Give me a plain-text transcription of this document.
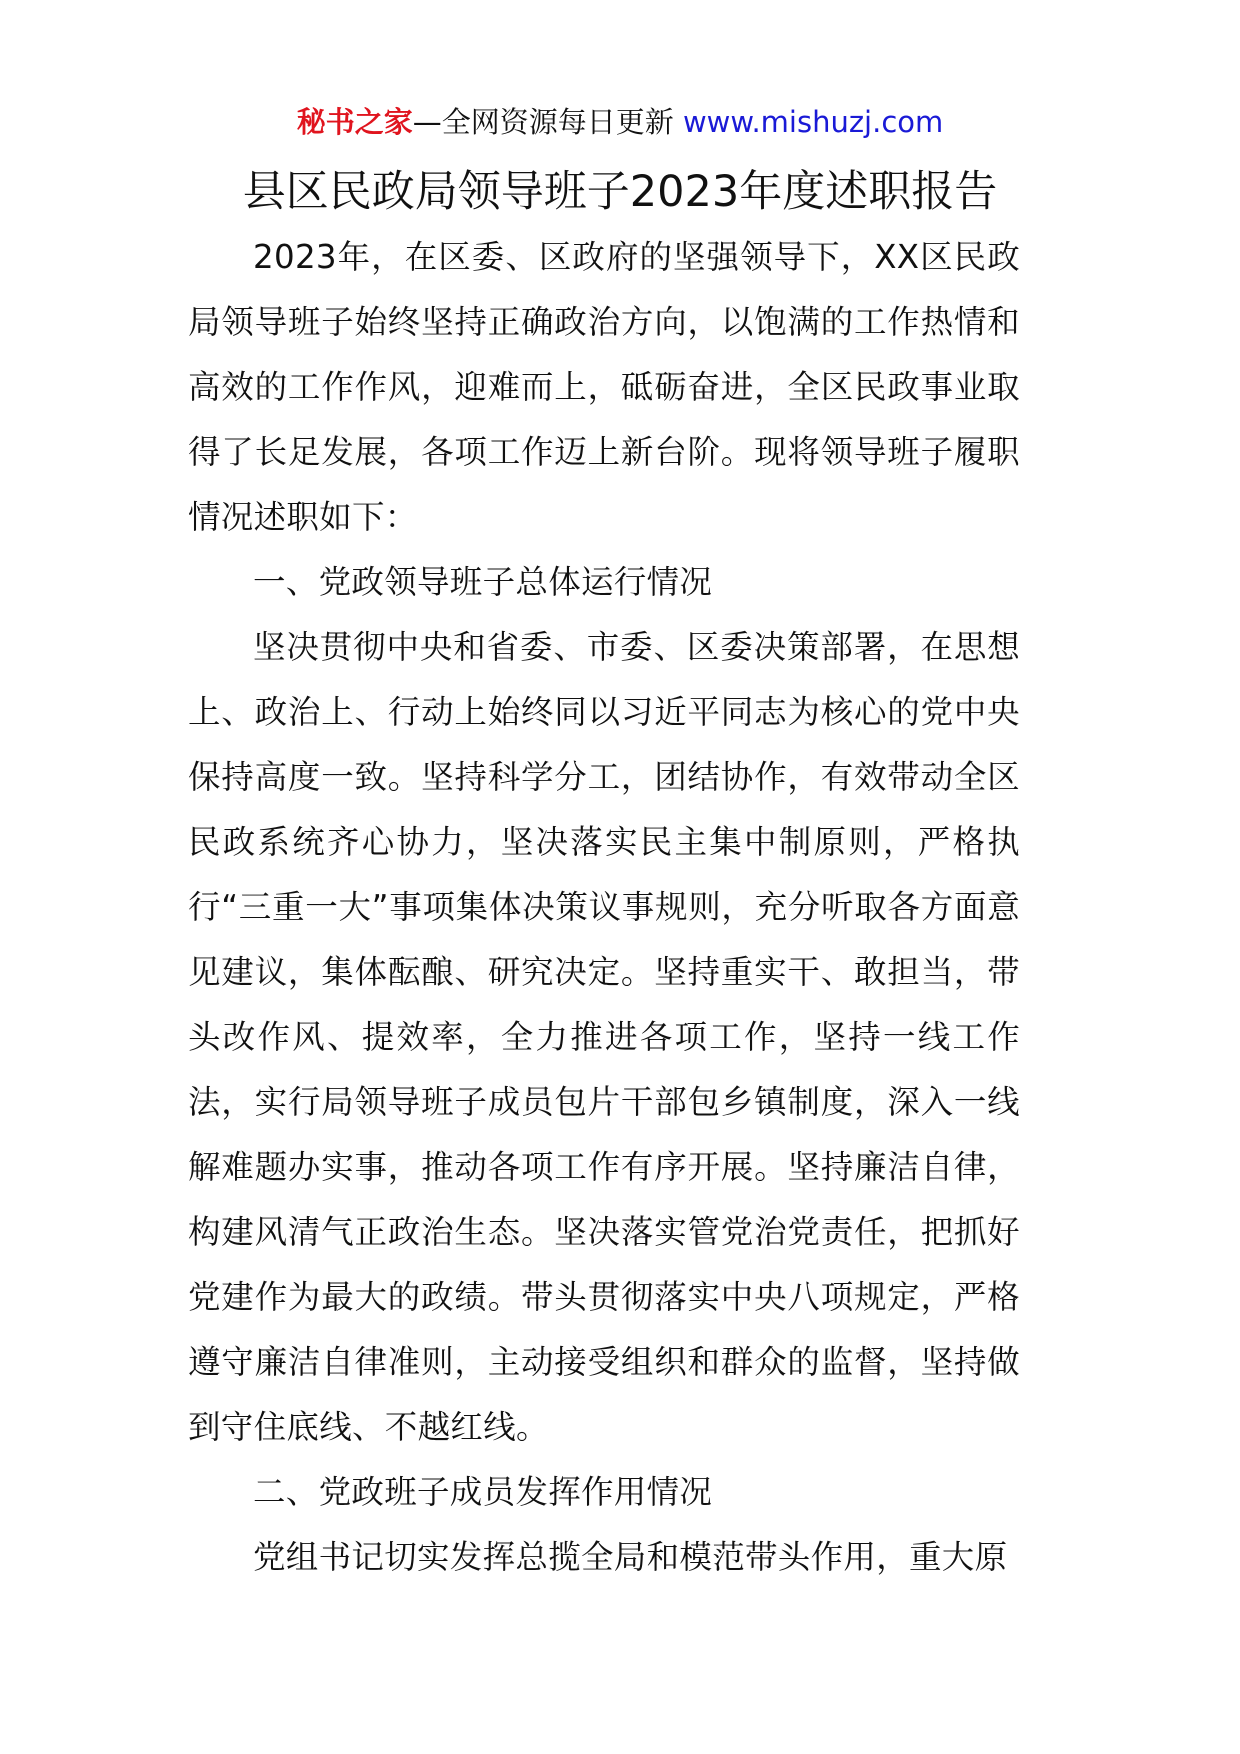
秘书之家—全网资源每日更新 www.mishuzj.com
县区民政局领导班子2023年度述职报告

2023年，在区委、区政府的坚强领导下，XX区民政局领导班子始终坚持正确政治方向，以饱满的工作热情和高效的工作作风，迎难而上，砥砺奋进，全区民政事业取得了长足发展，各项工作迈上新台阶。现将领导班子履职情况述职如下：

一、党政领导班子总体运行情况

坚决贯彻中央和省委、市委、区委决策部署，在思想上、政治上、行动上始终同以习近平同志为核心的党中央保持高度一致。坚持科学分工，团结协作，有效带动全区民政系统齐心协力，坚决落实民主集中制原则，严格执行“三重一大”事项集体决策议事规则，充分听取各方面意见建议，集体酝酿、研究决定。坚持重实干、敢担当，带头改作风、提效率，全力推进各项工作，坚持一线工作法，实行局领导班子成员包片干部包乡镇制度，深入一线解难题办实事，推动各项工作有序开展。坚持廉洁自律，构建风清气正政治生态。坚决落实管党治党责任，把抓好党建作为最大的政绩。带头贯彻落实中央八项规定，严格遵守廉洁自律准则，主动接受组织和群众的监督，坚持做到守住底线、不越红线。

二、党政班子成员发挥作用情况

党组书记切实发挥总揽全局和模范带头作用，重大原
